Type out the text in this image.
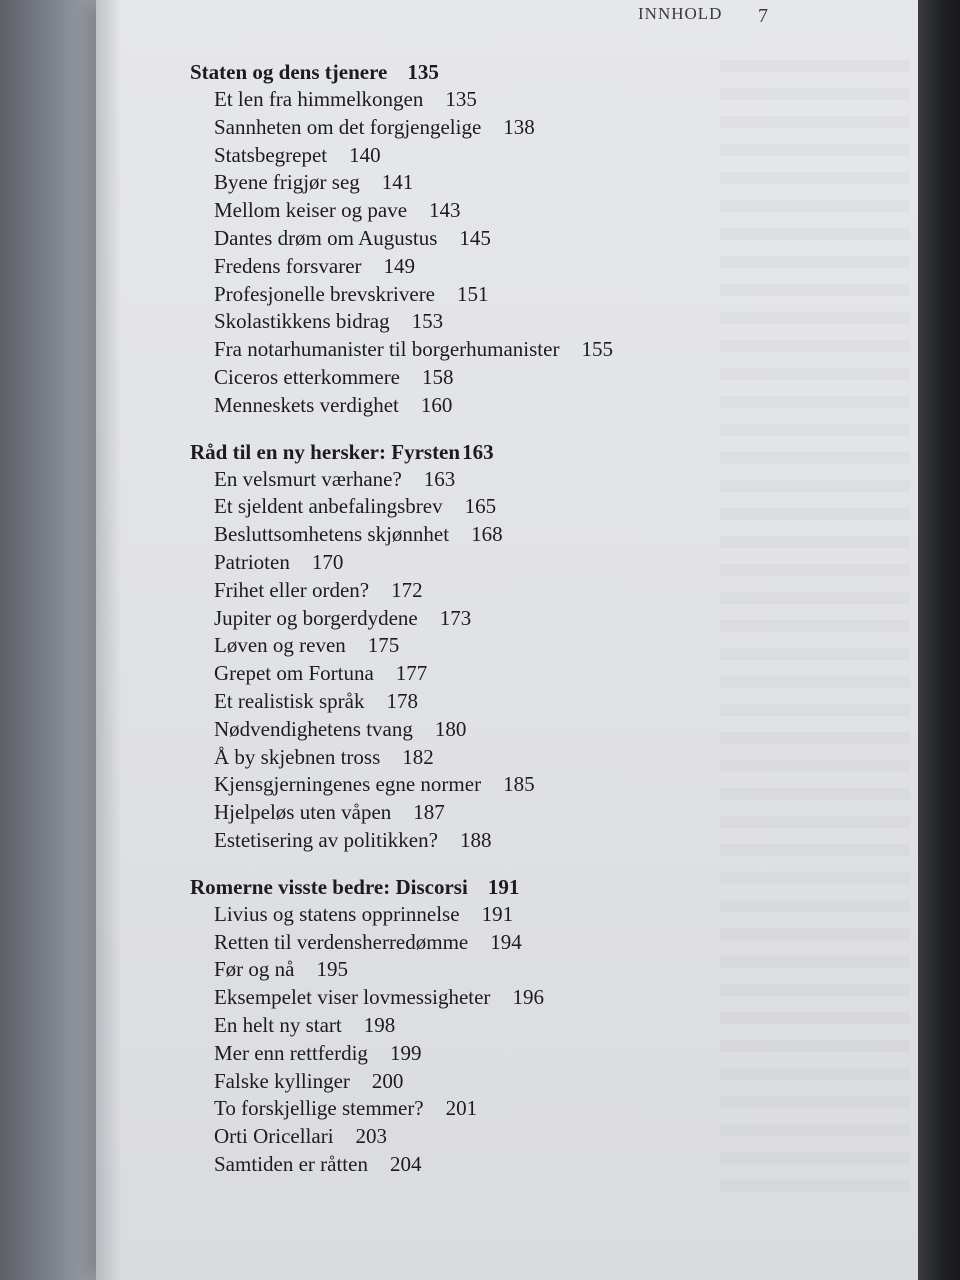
INNHOLD 7
Staten og dens tjenere 135
Et len fra himmelkongen 135
Sannheten om det forgjengelige 138
Statsbegrepet 140
Byene frigjør seg 141
Mellom keiser og pave 143
Dantes drøm om Augustus 145
Fredens forsvarer 149
Profesjonelle brevskrivere 151
Skolastikkens bidrag 153
Fra notarhumanister til borgerhumanister 155
Ciceros etterkommere 158
Menneskets verdighet 160
Råd til en ny hersker: Fyrsten163
En velsmurt værhane? 163
Et sjeldent anbefalingsbrev 165
Besluttsomhetens skjønnhet 168
Patrioten 170
Frihet eller orden? 172
Jupiter og borgerdydene 173
Løven og reven 175
Grepet om Fortuna 177
Et realistisk språk 178
Nødvendighetens tvang 180
Å by skjebnen tross 182
Kjensgjerningenes egne normer 185
Hjelpeløs uten våpen 187
Estetisering av politikken? 188
Romerne visste bedre: Discorsi 191
Livius og statens opprinnelse 191
Retten til verdensherredømme 194
Før og nå 195
Eksempelet viser lovmessigheter 196
En helt ny start 198
Mer enn rettferdig 199
Falske kyllinger 200
To forskjellige stemmer? 201
Orti Oricellari 203
Samtiden er råtten 204
